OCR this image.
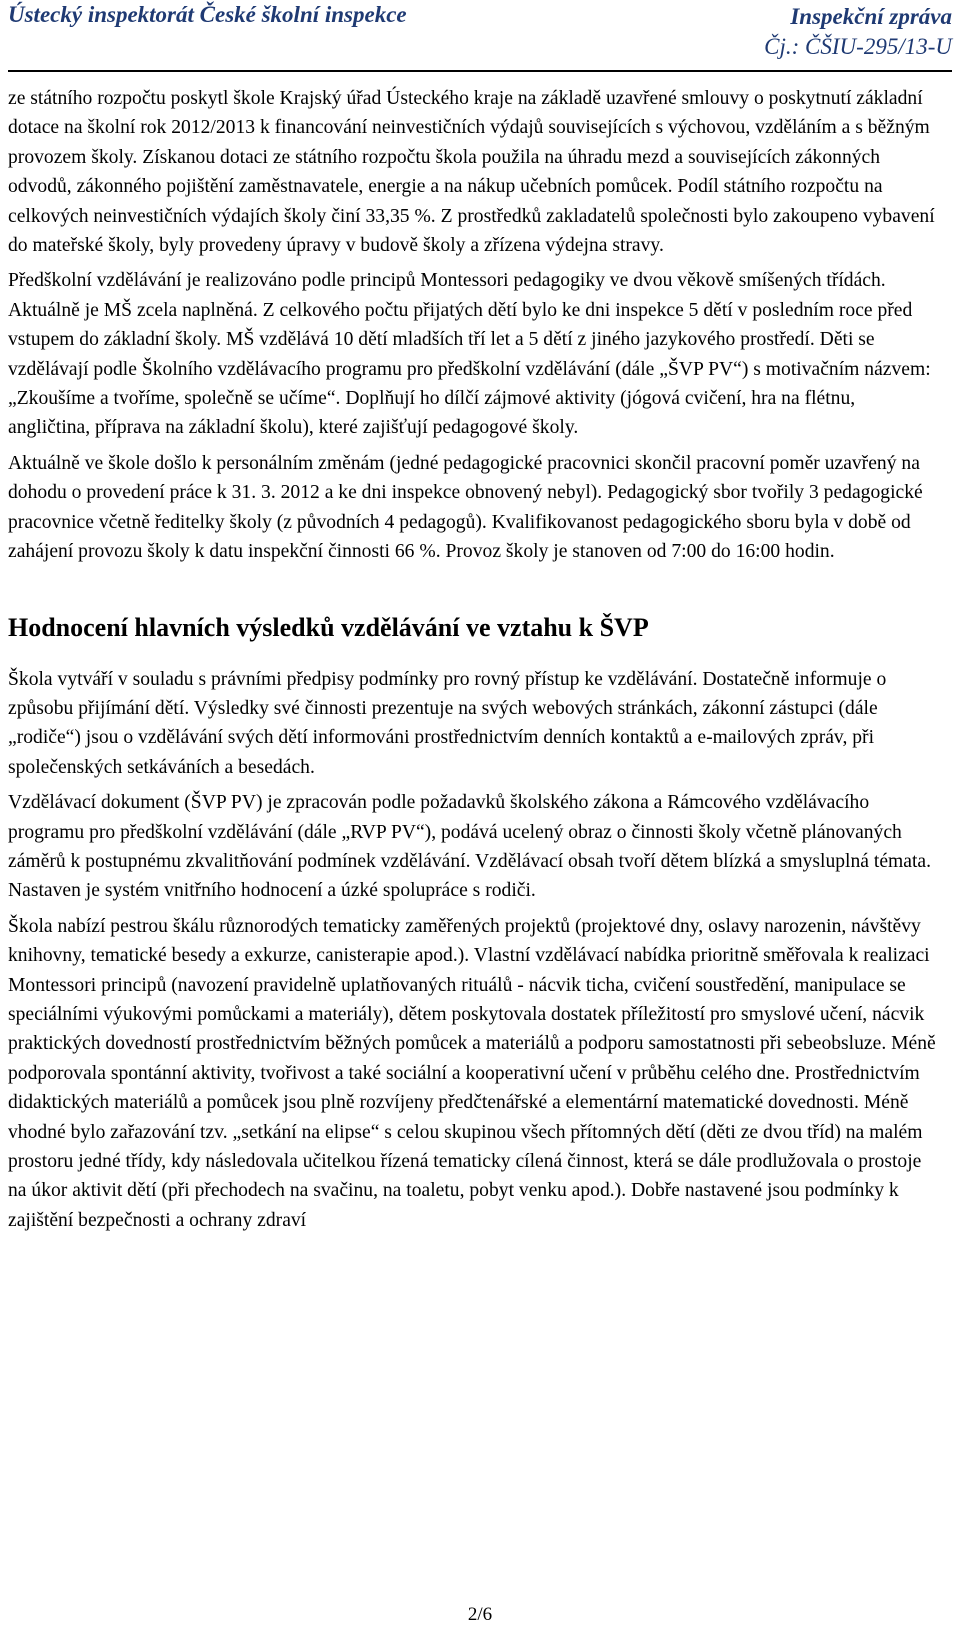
Ústecký inspektorát České školní inspekce	Inspekční zpráva
Čj.: ČŠIU-295/13-U

ze státního rozpočtu poskytl škole Krajský úřad Ústeckého kraje na základě uzavřené smlouvy o poskytnutí základní dotace na školní rok 2012/2013 k financování neinvestičních výdajů souvisejících s výchovou, vzděláním a s běžným provozem školy. Získanou dotaci ze státního rozpočtu škola použila na úhradu mezd a souvisejících zákonných odvodů, zákonného pojištění zaměstnavatele, energie a na nákup učebních pomůcek. Podíl státního rozpočtu na celkových neinvestičních výdajích školy činí 33,35 %. Z prostředků zakladatelů společnosti bylo zakoupeno vybavení do mateřské školy, byly provedeny úpravy v budově školy a zřízena výdejna stravy.

Předškolní vzdělávání je realizováno podle principů Montessori pedagogiky ve dvou věkově smíšených třídách. Aktuálně je MŠ zcela naplněná. Z celkového počtu přijatých dětí bylo ke dni inspekce 5 dětí v posledním roce před vstupem do základní školy. MŠ vzdělává 10 dětí mladších tří let a 5 dětí z jiného jazykového prostředí. Děti se vzdělávají podle Školního vzdělávacího programu pro předškolní vzdělávání (dále „ŠVP PV“) s motivačním názvem: „Zkoušíme a tvoříme, společně se učíme“. Doplňují ho dílčí zájmové aktivity (jógová cvičení, hra na flétnu, angličtina, příprava na základní školu), které zajišťují pedagogové školy.

Aktuálně ve škole došlo k personálním změnám (jedné pedagogické pracovnici skončil pracovní poměr uzavřený na dohodu o provedení práce k 31. 3. 2012 a ke dni inspekce obnovený nebyl). Pedagogický sbor tvořily 3 pedagogické pracovnice včetně ředitelky školy (z původních 4 pedagogů). Kvalifikovanost pedagogického sboru byla v době od zahájení provozu školy k datu inspekční činnosti 66 %. Provoz školy je stanoven od 7:00 do 16:00 hodin.

Hodnocení hlavních výsledků vzdělávání ve vztahu k ŠVP

Škola vytváří v souladu s právními předpisy podmínky pro rovný přístup ke vzdělávání. Dostatečně informuje o způsobu přijímání dětí. Výsledky své činnosti prezentuje na svých webových stránkách, zákonní zástupci (dále „rodiče“) jsou o vzdělávání svých dětí informováni prostřednictvím denních kontaktů a e-mailových zpráv, při společenských setkáváních a besedách.

Vzdělávací dokument (ŠVP PV) je zpracován podle požadavků školského zákona a Rámcového vzdělávacího programu pro předškolní vzdělávání (dále „RVP PV“), podává ucelený obraz o činnosti školy včetně plánovaných záměrů k postupnému zkvalitňování podmínek vzdělávání. Vzdělávací obsah tvoří dětem blízká a smysluplná témata. Nastaven je systém vnitřního hodnocení a úzké spolupráce s rodiči.

Škola nabízí pestrou škálu různorodých tematicky zaměřených projektů (projektové dny, oslavy narozenin, návštěvy knihovny, tematické besedy a exkurze, canisterapie apod.). Vlastní vzdělávací nabídka prioritně směřovala k realizaci Montessori principů (navození pravidelně uplatňovaných rituálů - nácvik ticha, cvičení soustředění, manipulace se speciálními výukovými pomůckami a materiály), dětem poskytovala dostatek příležitostí pro smyslové učení, nácvik praktických dovedností prostřednictvím běžných pomůcek a materiálů a podporu samostatnosti při sebeobsluze. Méně podporovala spontánní aktivity, tvořivost a také sociální a kooperativní učení v průběhu celého dne. Prostřednictvím didaktických materiálů a pomůcek jsou plně rozvíjeny předčtenářské a elementární matematické dovednosti. Méně vhodné bylo zařazování tzv. „setkání na elipse“ s celou skupinou všech přítomných dětí (děti ze dvou tříd) na malém prostoru jedné třídy, kdy následovala učitelkou řízená tematicky cílená činnost, která se dále prodlužovala o prostoje na úkor aktivit dětí (při přechodech na svačinu, na toaletu, pobyt venku apod.). Dobře nastavené jsou podmínky k zajištění bezpečnosti a ochrany zdraví

2/6
